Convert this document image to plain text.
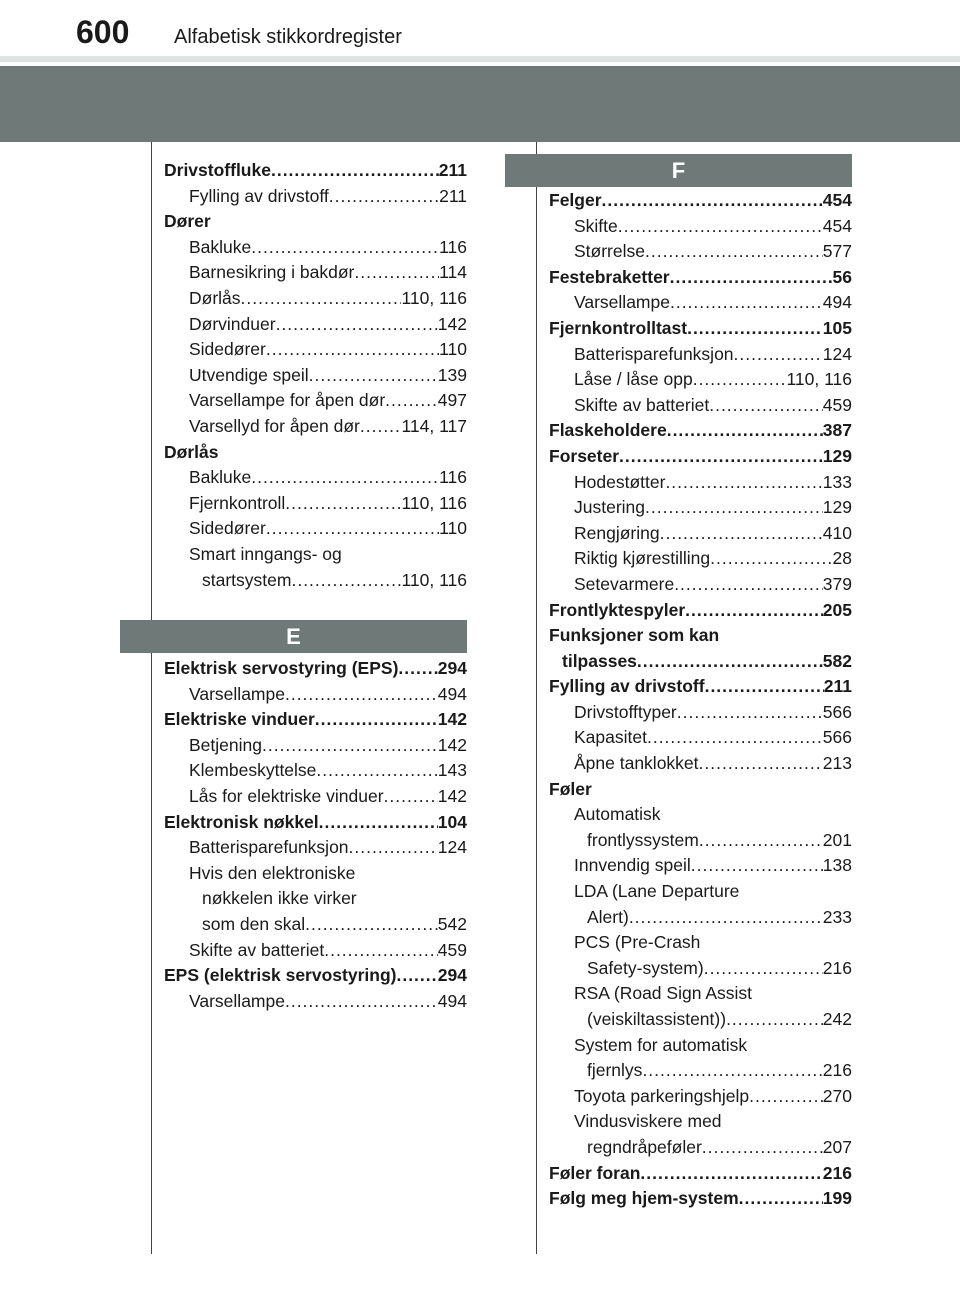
600 Alfabetisk stikkordregister
E
F
Drivstoffluke .....	211
Fylling av drivstoff .....	211
Dører
Bakluke .....	116
Barnesikring i bakdør .....	114
Dørlås .....	110, 116
Dørvinduer .....	142
Sidedører .....	110
Utvendige speil .....	139
Varsellampe for åpen dør .....	497
Varsellyd for åpen dør ..... 114, 117
Dørlås
Bakluke .....	116
Fjernkontroll .....	110, 116
Sidedører .....	110
Smart inngangs- og
startsystem .....	110, 116
Elektrisk servostyring (EPS) ..... 294
Varsellampe .....	494
Elektriske vinduer .....	142
Betjening .....	142
Klembeskyttelse .....	143
Lås for elektriske vinduer .....	142
Elektronisk nøkkel .....	104
Batterisparefunksjon .....	124
Hvis den elektroniske
nøkkelen ikke virker
som den skal .....	542
Skifte av batteriet .....	459
EPS (elektrisk servostyring) ..... 294
Varsellampe .....	494
Felger .....	454
Skifte .....	454
Størrelse .....	577
Festebraketter .....	56
Varsellampe .....	494
Fjernkontrolltast .....	105
Batterisparefunksjon .....	124
Låse / låse opp .....	110, 116
Skifte av batteriet .....	459
Flaskeholdere .....	387
Forseter .....	129
Hodestøtter .....	133
Justering .....	129
Rengjøring .....	410
Riktig kjørestilling .....	28
Setevarmere .....	379
Frontlyktespyler .....	205
Funksjoner som kan
tilpasses .....	582
Fylling av drivstoff .....	211
Drivstofftyper .....	566
Kapasitet .....	566
Åpne tanklokket .....	213
Føler
Automatisk
frontlyssystem .....	201
Innvendig speil .....	138
LDA (Lane Departure
Alert) .....	233
PCS (Pre-Crash
Safety-system) .....	216
RSA (Road Sign Assist
(veiskiltassistent)) .....	242
System for automatisk
fjernlys .....	216
Toyota parkeringshjelp .....	270
Vindusviskere med
regndråpeføler .....	207
Føler foran .....	216
Følg meg hjem-system .....	199
